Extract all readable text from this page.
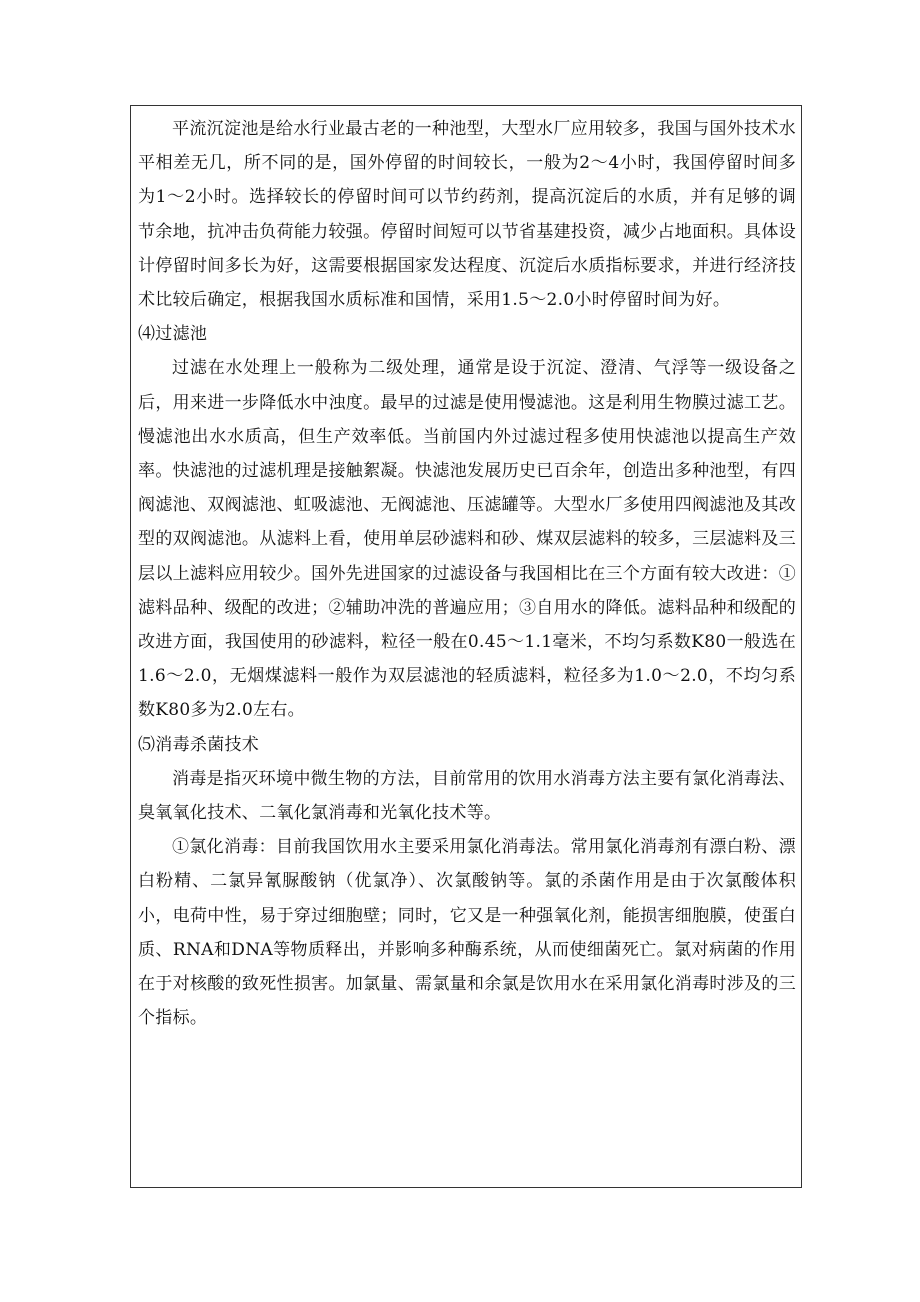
平流沉淀池是给水行业最古老的一种池型，大型水厂应用较多，我国与国外技术水平相差无几，所不同的是，国外停留的时间较长，一般为2～4小时，我国停留时间多为1～2小时。选择较长的停留时间可以节约药剂，提高沉淀后的水质，并有足够的调节余地，抗冲击负荷能力较强。停留时间短可以节省基建投资，减少占地面积。具体设计停留时间多长为好，这需要根据国家发达程度、沉淀后水质指标要求，并进行经济技术比较后确定，根据我国水质标准和国情，采用1.5～2.0小时停留时间为好。

⑷过滤池

过滤在水处理上一般称为二级处理，通常是设于沉淀、澄清、气浮等一级设备之后，用来进一步降低水中浊度。最早的过滤是使用慢滤池。这是利用生物膜过滤工艺。慢滤池出水水质高，但生产效率低。当前国内外过滤过程多使用快滤池以提高生产效率。快滤池的过滤机理是接触絮凝。快滤池发展历史已百余年，创造出多种池型，有四阀滤池、双阀滤池、虹吸滤池、无阀滤池、压滤罐等。大型水厂多使用四阀滤池及其改型的双阀滤池。从滤料上看，使用单层砂滤料和砂、煤双层滤料的较多，三层滤料及三层以上滤料应用较少。国外先进国家的过滤设备与我国相比在三个方面有较大改进：①滤料品种、级配的改进；②辅助冲洗的普遍应用；③自用水的降低。滤料品种和级配的改进方面，我国使用的砂滤料，粒径一般在0.45～1.1毫米，不均匀系数K80一般选在1.6～2.0，无烟煤滤料一般作为双层滤池的轻质滤料，粒径多为1.0～2.0，不均匀系数K80多为2.0左右。

⑸消毒杀菌技术

消毒是指灭环境中微生物的方法，目前常用的饮用水消毒方法主要有氯化消毒法、臭氧氧化技术、二氧化氯消毒和光氧化技术等。

①氯化消毒：目前我国饮用水主要采用氯化消毒法。常用氯化消毒剂有漂白粉、漂白粉精、二氯异氰脲酸钠（优氯净）、次氯酸钠等。氯的杀菌作用是由于次氯酸体积小，电荷中性，易于穿过细胞壁；同时，它又是一种强氧化剂，能损害细胞膜，使蛋白质、RNA和DNA等物质释出，并影响多种酶系统，从而使细菌死亡。氯对病菌的作用在于对核酸的致死性损害。加氯量、需氯量和余氯是饮用水在采用氯化消毒时涉及的三个指标。
